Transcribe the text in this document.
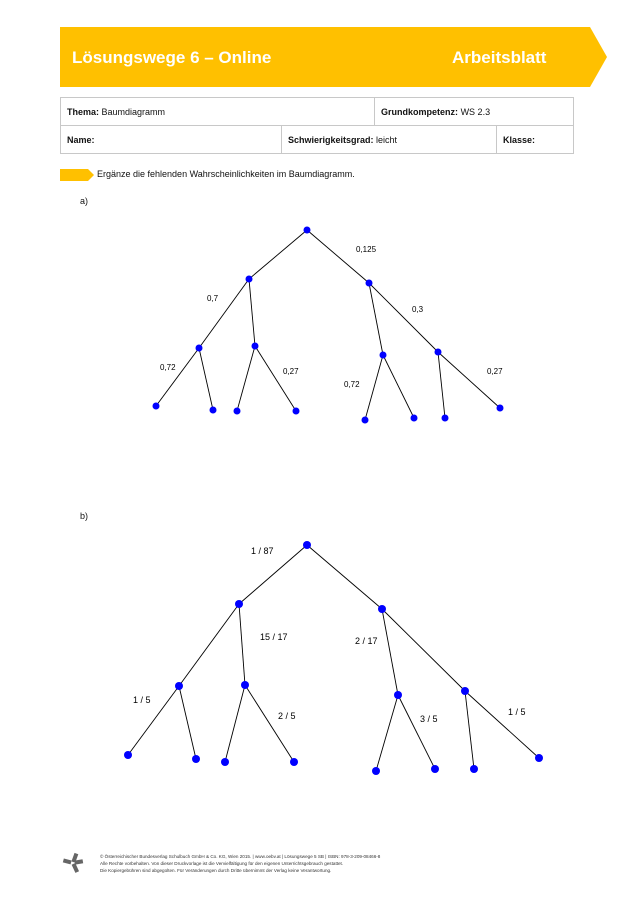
Lösungswege 6 – Online	Arbeitsblatt
Thema: Baumdiagramm		Grundkompetenz: WS 2.3	
Name:	Schwierigkeitsgrad: leicht		Klasse:
Ergänze die fehlenden Wahrscheinlichkeiten im Baumdiagramm.
a)
0,125
0,7
0,3
0,72	0,27
0,72
0,27
b)
1 / 87
15 / 17	2 / 17
1 / 5
2 / 5	3 / 5
1 / 5
© Österreichischer Bundesverlag Schulbuch GmbH & Co. KG, Wien 2015. | www.oebv.at | Lösungswege 5 SB | ISBN: 978-3-209-08466-8
Alle Rechte vorbehalten. Von dieser Druckvorlage ist die Vervielfältigung für den eigenen Unterrichtsgebrauch gestattet.
Die Kopiergebühren sind abgegolten. Für Veränderungen durch Dritte übernimmt der Verlag keine Verantwortung.
